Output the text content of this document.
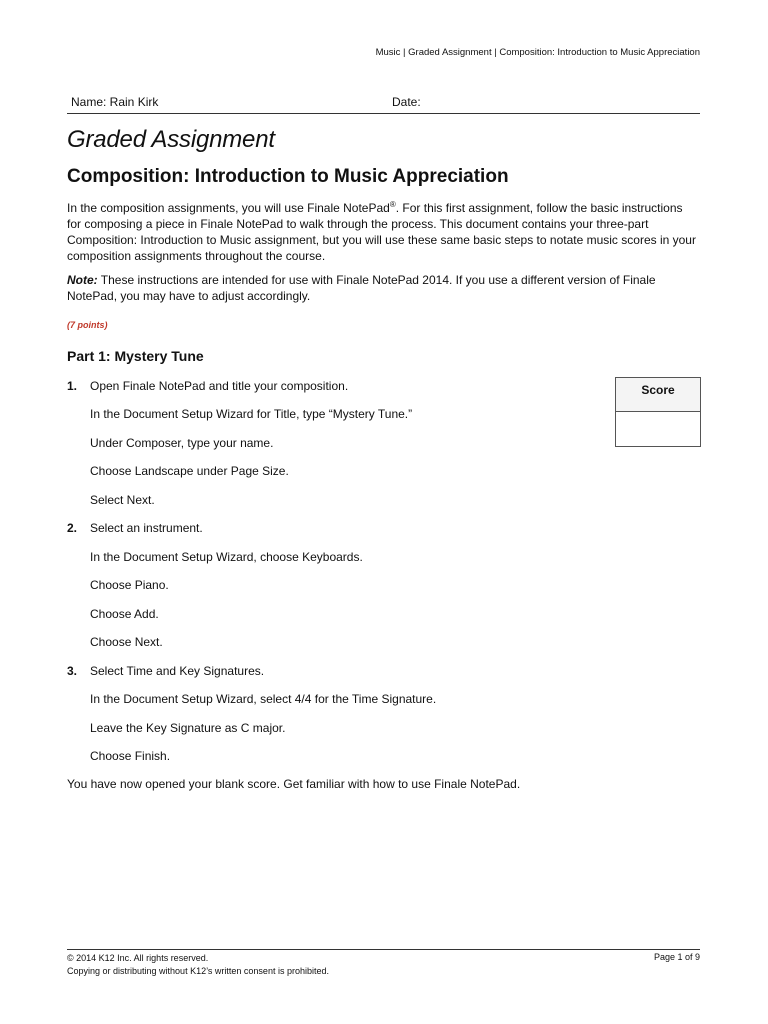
Music | Graded Assignment | Composition: Introduction to Music Appreciation
Name: Rain Kirk	Date:
Graded Assignment
Composition: Introduction to Music Appreciation
In the composition assignments, you will use Finale NotePad®. For this first assignment, follow the basic instructions for composing a piece in Finale NotePad to walk through the process. This document contains your three-part Composition: Introduction to Music assignment, but you will use these same basic steps to notate music scores in your composition assignments throughout the course.
Note: These instructions are intended for use with Finale NotePad 2014. If you use a different version of Finale NotePad, you may have to adjust accordingly.
(7 points)
Part 1: Mystery Tune
Score
1. Open Finale NotePad and title your composition.
In the Document Setup Wizard for Title, type “Mystery Tune.”
Under Composer, type your name.
Choose Landscape under Page Size.
Select Next.
2. Select an instrument.
In the Document Setup Wizard, choose Keyboards.
Choose Piano.
Choose Add.
Choose Next.
3. Select Time and Key Signatures.
In the Document Setup Wizard, select 4/4 for the Time Signature.
Leave the Key Signature as C major.
Choose Finish.
You have now opened your blank score. Get familiar with how to use Finale NotePad.
© 2014 K12 Inc. All rights reserved.
Copying or distributing without K12’s written consent is prohibited.
Page 1 of 9
